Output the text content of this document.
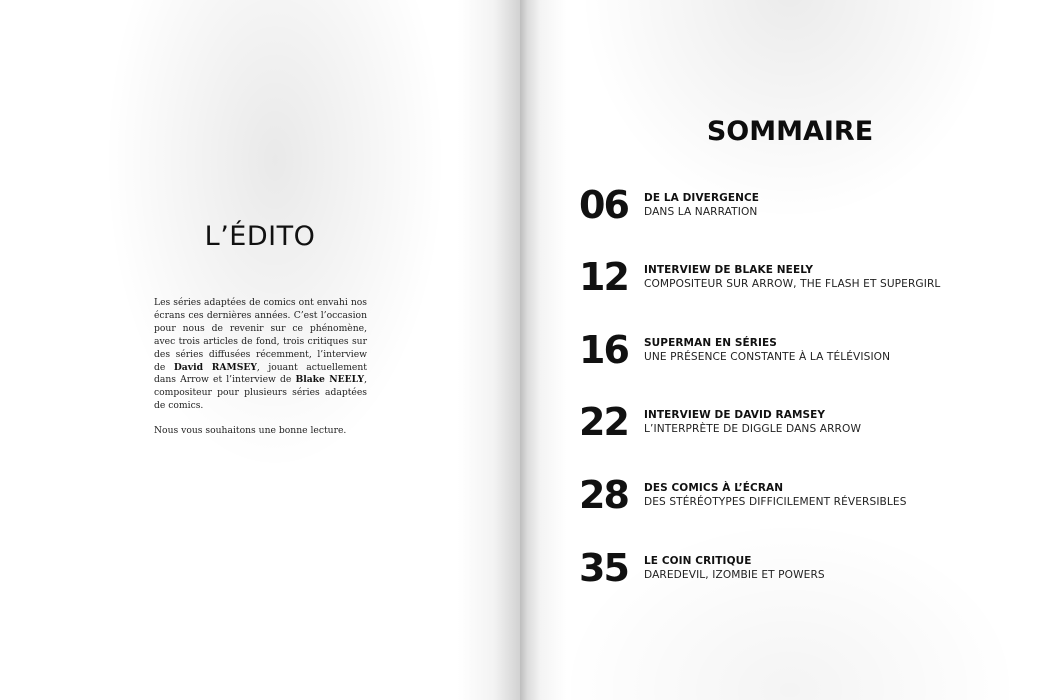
L’ÉDITO

Les séries adaptées de comics ont envahi nos écrans ces dernières années. C’est l’occasion pour nous de revenir sur ce phénomène, avec trois articles de fond, trois critiques sur des séries diffusées récemment, l’interview de David RAMSEY, jouant actuellement dans Arrow et l’interview de Blake NEELY, compositeur pour plusieurs séries adaptées de comics.

Nous vous souhaitons une bonne lecture.

SOMMAIRE
06 DE LA DIVERGENCE
DANS LA NARRATION
12 INTERVIEW DE BLAKE NEELY
COMPOSITEUR SUR ARROW, THE FLASH ET SUPERGIRL
16 SUPERMAN EN SÉRIES
UNE PRÉSENCE CONSTANTE À LA TÉLÉVISION
22 INTERVIEW DE DAVID RAMSEY
L’INTERPRÈTE DE DIGGLE DANS ARROW
28 DES COMICS À L’ÉCRAN
DES STÉRÉOTYPES DIFFICILEMENT RÉVERSIBLES
35 LE COIN CRITIQUE
DAREDEVIL, IZOMBIE ET POWERS
